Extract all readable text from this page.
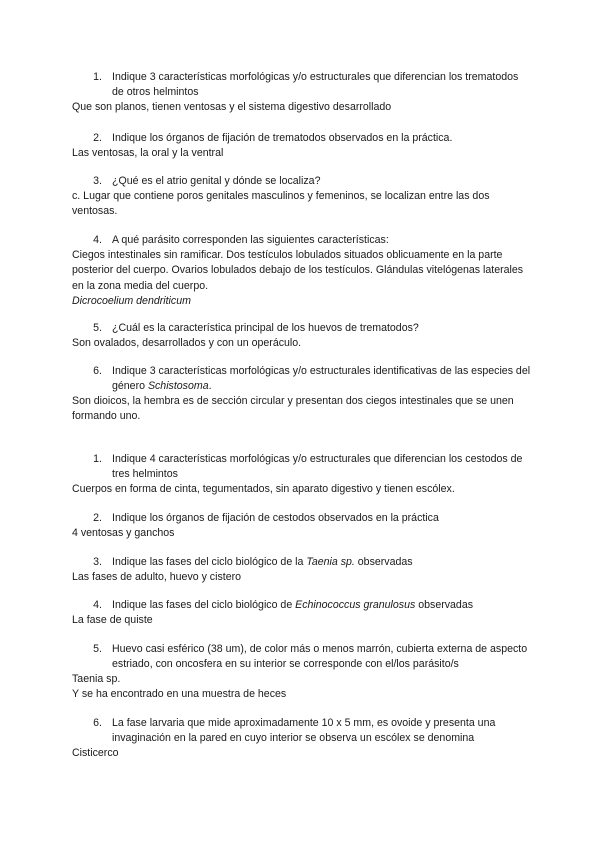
1. Indique 3 características morfológicas y/o estructurales que diferencian los trematodos de otros helmintos

Que son planos, tienen ventosas y el sistema digestivo desarrollado

2. Indique los órganos de fijación de trematodos observados en la práctica.

Las ventosas, la oral y la ventral

3. ¿Qué es el atrio genital y dónde se localiza?

c. Lugar que contiene poros genitales masculinos y femeninos, se localizan entre las dos ventosas.

4. A qué parásito corresponden las siguientes características:

Ciegos intestinales sin ramificar. Dos testículos lobulados situados oblicuamente en la parte posterior del cuerpo. Ovarios lobulados debajo de los testículos. Glándulas vitelógenas laterales en la zona media del cuerpo.

Dicrocoelium dendriticum

5. ¿Cuál es la característica principal de los huevos de trematodos?

Son ovalados, desarrollados y con un operáculo.

6. Indique 3 características morfológicas y/o estructurales identificativas de las especies del género Schistosoma.

Son dioicos, la hembra es de sección circular y presentan dos ciegos intestinales que se unen formando uno.

1. Indique 4 características morfológicas y/o estructurales que diferencian los cestodos de tres helmintos

Cuerpos en forma de cinta, tegumentados, sin aparato digestivo y tienen escólex.

2. Indique los órganos de fijación de cestodos observados en la práctica

4 ventosas y ganchos

3. Indique las fases del ciclo biológico de la Taenia sp. observadas

Las fases de adulto, huevo y cistero

4. Indique las fases del ciclo biológico de Echinococcus granulosus observadas

La fase de quiste

5. Huevo casi esférico (38 um), de color más o menos marrón, cubierta externa de aspecto estriado, con oncosfera en su interior se corresponde con el/los parásito/s

Taenia sp.

Y se ha encontrado en una muestra de heces

6. La fase larvaria que mide aproximadamente 10 x 5 mm, es ovoide y presenta una invaginación en la pared en cuyo interior se observa un escólex se denomina

Cisticerco
